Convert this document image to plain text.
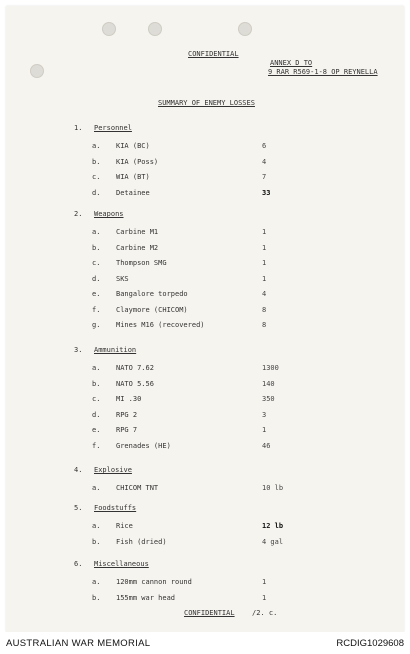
CONFIDENTIAL
ANNEX D TO
9 RAR R569-1-8 OP REYNELLA
SUMMARY OF ENEMY LOSSES
1. Personnel
a. KIA (BC)	6
b. KIA (Poss)	4
c. WIA (BT)	7
d. Detainee	33
2. Weapons
a. Carbine M1	1
b. Carbine M2	1
c. Thompson SMG	1
d. SKS	1
e. Bangalore torpedo	4
f. Claymore (CHICOM)	8
g. Mines M16 (recovered)	8
3. Ammunition
a. NATO 7.62	1300
b. NATO 5.56	140
c. MI .30	350
d. RPG 2	3
e. RPG 7	1
f. Grenades (HE)	46
4. Explosive
a. CHICOM TNT	10 lb
5. Foodstuffs
a. Rice	12 lb
b. Fish (dried)	4 gal
6. Miscellaneous
a. 120mm cannon round	1
b. 155mm war head	1
CONFIDENTIAL /2. c.
AUSTRALIAN WAR MEMORIAL	RCDIG1029608
